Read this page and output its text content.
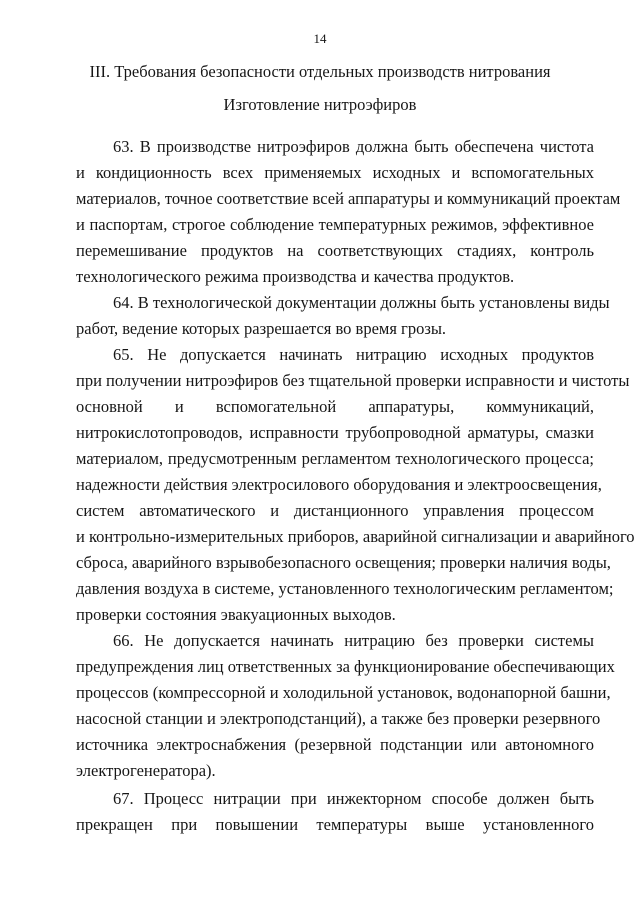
14
III. Требования безопасности отдельных производств нитрования
Изготовление нитроэфиров
63. В производстве нитроэфиров должна быть обеспечена чистота
и кондиционность всех применяемых исходных и вспомогательных
материалов, точное соответствие всей аппаратуры и коммуникаций проектам
и паспортам, строгое соблюдение температурных режимов, эффективное
перемешивание продуктов на соответствующих стадиях, контроль
технологического режима производства и качества продуктов.
64. В технологической документации должны быть установлены виды
работ, ведение которых разрешается во время грозы.
65. Не допускается начинать нитрацию исходных продуктов
при получении нитроэфиров без тщательной проверки исправности и чистоты
основной и вспомогательной аппаратуры, коммуникаций,
нитрокислотопроводов, исправности трубопроводной арматуры, смазки
материалом, предусмотренным регламентом технологического процесса;
надежности действия электросилового оборудования и электроосвещения,
систем автоматического и дистанционного управления процессом
и контрольно-измерительных приборов, аварийной сигнализации и аварийного
сброса, аварийного взрывобезопасного освещения; проверки наличия воды,
давления воздуха в системе, установленного технологическим регламентом;
проверки состояния эвакуационных выходов.
66. Не допускается начинать нитрацию без проверки системы
предупреждения лиц ответственных за функционирование обеспечивающих
процессов (компрессорной и холодильной установок, водонапорной башни,
насосной станции и электроподстанций), а также без проверки резервного
источника электроснабжения (резервной подстанции или автономного
электрогенератора).
67. Процесс нитрации при инжекторном способе должен быть
прекращен при повышении температуры выше установленного
